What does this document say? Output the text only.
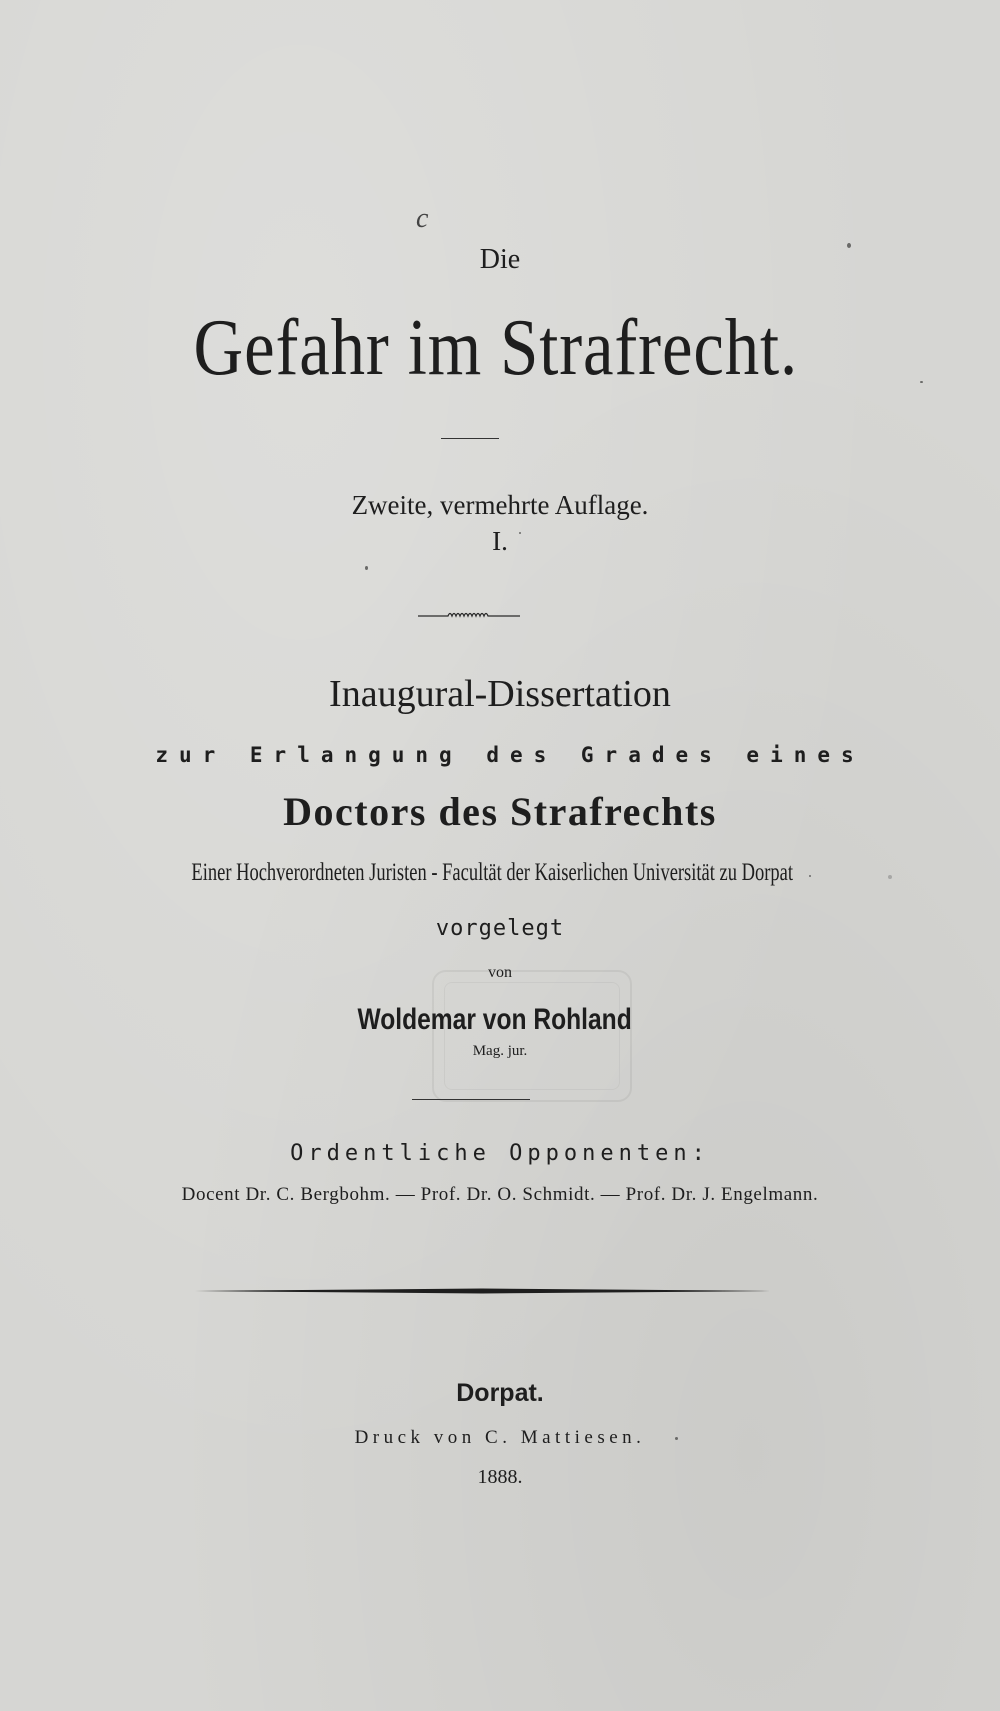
c
Die
Gefahr im Strafrecht.
Zweite, vermehrte Auflage.
I.
Inaugural-Dissertation
zur Erlangung des Grades eines
Doctors des Strafrechts
Einer Hochverordneten Juristen - Facultät der Kaiserlichen Universität zu Dorpat
vorgelegt
von
Woldemar von Rohland
Mag. jur.
Ordentliche Opponenten:
Docent Dr. C. Bergbohm. — Prof. Dr. O. Schmidt. — Prof. Dr. J. Engelmann.
Dorpat.
Druck von C. Mattiesen.
1888.
